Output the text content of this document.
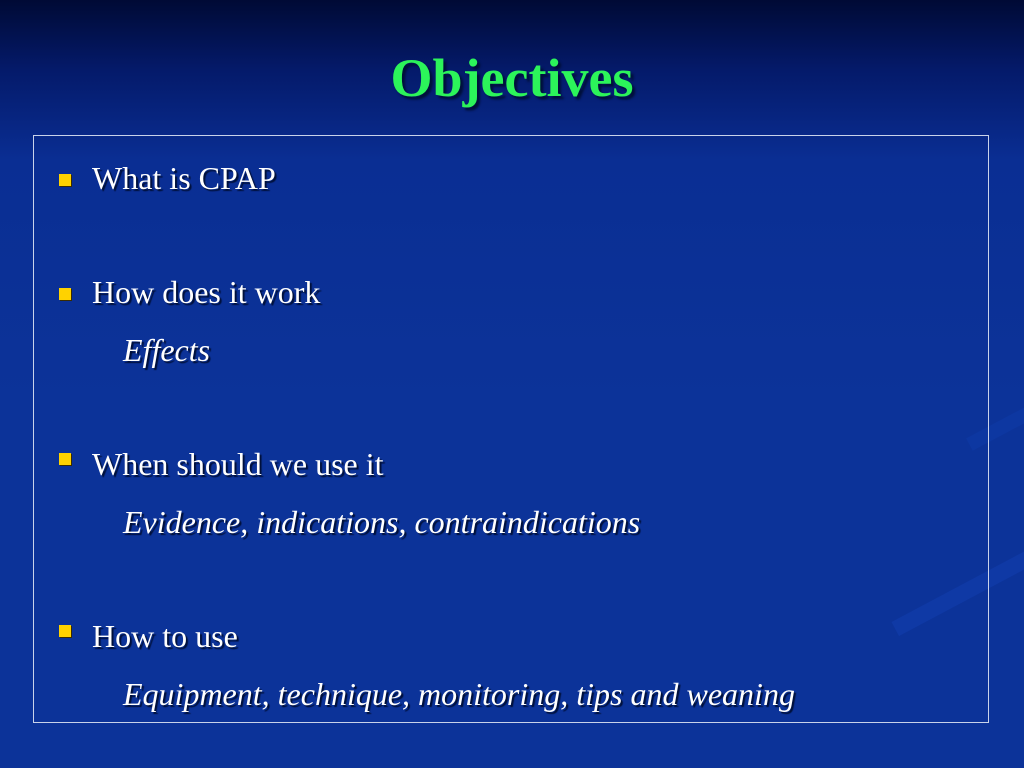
Objectives
What is CPAP
How does it work
Effects
When should we use it
Evidence, indications, contraindications
How to use
Equipment, technique, monitoring, tips and weaning
